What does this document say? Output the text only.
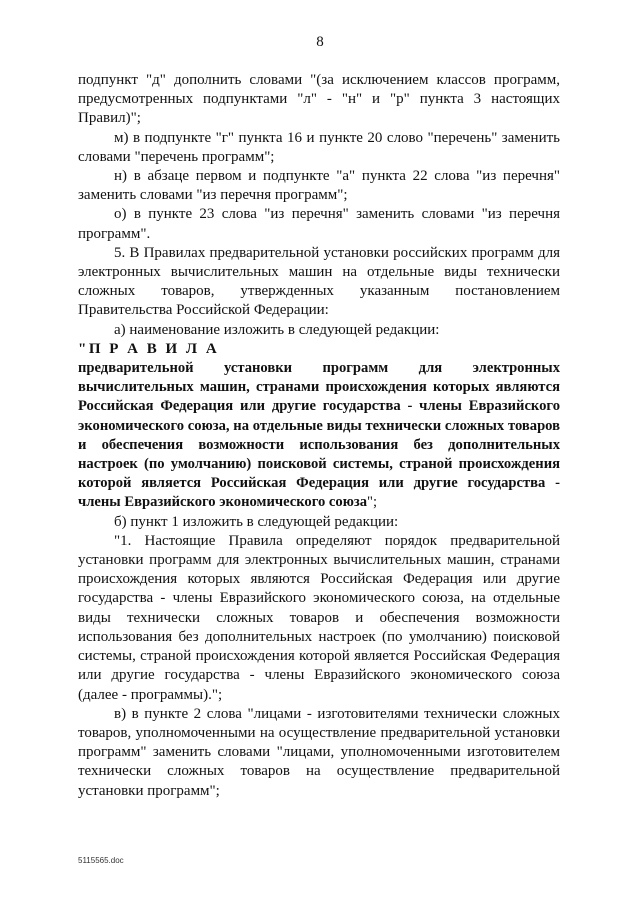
8

подпункт "д" дополнить словами "(за исключением классов программ, предусмотренных подпунктами "л" - "н" и "р" пункта 3 настоящих Правил)";

м) в подпункте "г" пункта 16 и пункте 20 слово "перечень" заменить словами "перечень программ";

н) в абзаце первом и подпункте "а" пункта 22 слова "из перечня" заменить словами "из перечня программ";

о) в пункте 23 слова "из перечня" заменить словами "из перечня программ".

5. В Правилах предварительной установки российских программ для электронных вычислительных машин на отдельные виды технически сложных товаров, утвержденных указанным постановлением Правительства Российской Федерации:

а) наименование изложить в следующей редакции:

"П Р А В И Л А

предварительной установки программ для электронных вычислительных машин, странами происхождения которых являются Российская Федерация или другие государства - члены Евразийского экономического союза, на отдельные виды технически сложных товаров и обеспечения возможности использования без дополнительных настроек (по умолчанию) поисковой системы, страной происхождения которой является Российская Федерация или другие государства - члены Евразийского экономического союза";

б) пункт 1 изложить в следующей редакции:

"1. Настоящие Правила определяют порядок предварительной установки программ для электронных вычислительных машин, странами происхождения которых являются Российская Федерация или другие государства - члены Евразийского экономического союза, на отдельные виды технически сложных товаров и обеспечения возможности использования без дополнительных настроек (по умолчанию) поисковой системы, страной происхождения которой является Российская Федерация или другие государства - члены Евразийского экономического союза (далее - программы).";

в) в пункте 2 слова "лицами - изготовителями технически сложных товаров, уполномоченными на осуществление предварительной установки программ" заменить словами "лицами, уполномоченными изготовителем технически сложных товаров на осуществление предварительной установки программ";

5115565.doc
